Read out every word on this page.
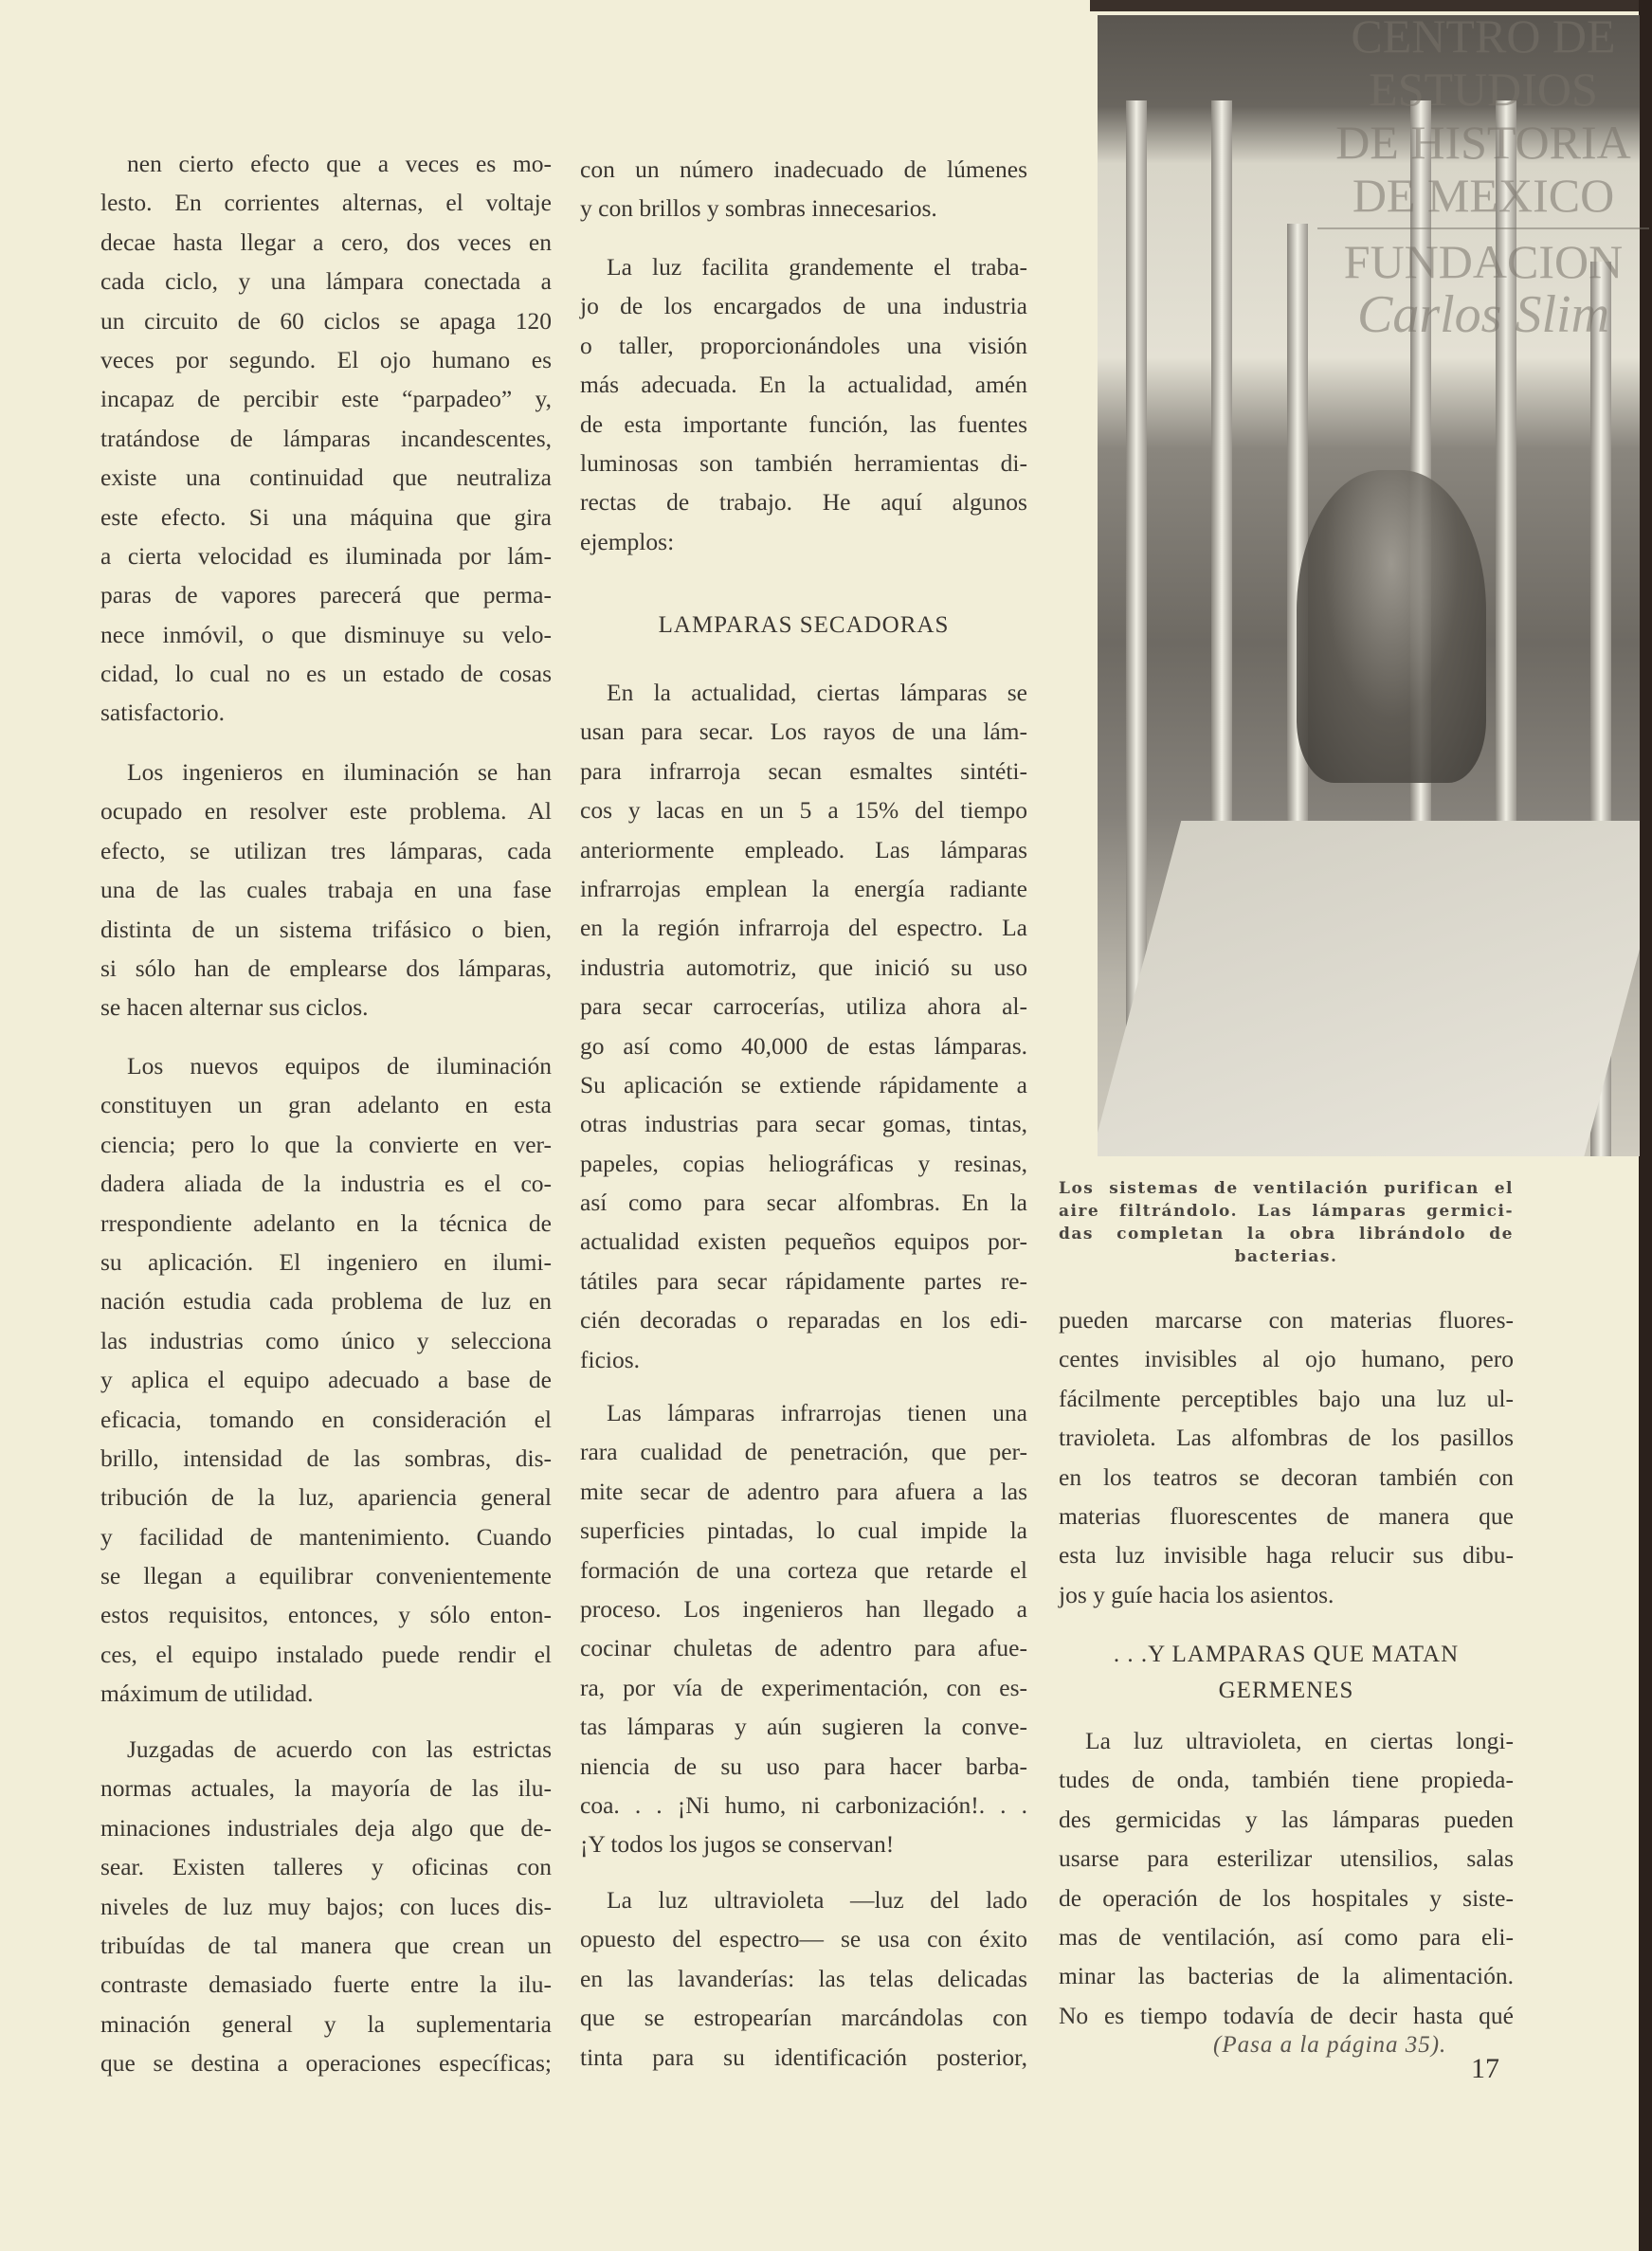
LAMPARAS SECADORAS
. . .Y LAMPARAS QUE MATAN
GERMENES
CENTRO DE
ESTUDIOS
DE HISTORIA
DE MEXICO
FUNDACION
Carlos Slim
Los sistemas de ventilación purifican el
aire filtrándolo. Las lámparas germici-
das completan la obra librándolo de
bacterias.
(Pasa a la página 35).
17
nen cierto efecto que a veces es mo-
lesto. En corrientes alternas, el voltaje
decae hasta llegar a cero, dos veces en
cada ciclo, y una lámpara conectada a
un circuito de 60 ciclos se apaga 120
veces por segundo. El ojo humano es
incapaz de percibir este “parpadeo” y,
tratándose de lámparas incandescentes,
existe una continuidad que neutraliza
este efecto. Si una máquina que gira
a cierta velocidad es iluminada por lám-
paras de vapores parecerá que perma-
nece inmóvil, o que disminuye su velo-
cidad, lo cual no es un estado de cosas
satisfactorio.
Los ingenieros en iluminación se han
ocupado en resolver este problema. Al
efecto, se utilizan tres lámparas, cada
una de las cuales trabaja en una fase
distinta de un sistema trifásico o bien,
si sólo han de emplearse dos lámparas,
se hacen alternar sus ciclos.
Los nuevos equipos de iluminación
constituyen un gran adelanto en esta
ciencia; pero lo que la convierte en ver-
dadera aliada de la industria es el co-
rrespondiente adelanto en la técnica de
su aplicación. El ingeniero en ilumi-
nación estudia cada problema de luz en
las industrias como único y selecciona
y aplica el equipo adecuado a base de
eficacia, tomando en consideración el
brillo, intensidad de las sombras, dis-
tribución de la luz, apariencia general
y facilidad de mantenimiento. Cuando
se llegan a equilibrar convenientemente
estos requisitos, entonces, y sólo enton-
ces, el equipo instalado puede rendir el
máximum de utilidad.
Juzgadas de acuerdo con las estrictas
normas actuales, la mayoría de las ilu-
minaciones industriales deja algo que de-
sear. Existen talleres y oficinas con
niveles de luz muy bajos; con luces dis-
tribuídas de tal manera que crean un
contraste demasiado fuerte entre la ilu-
minación general y la suplementaria
que se destina a operaciones específicas;
con un número inadecuado de lúmenes
y con brillos y sombras innecesarios.
La luz facilita grandemente el traba-
jo de los encargados de una industria
o taller, proporcionándoles una visión
más adecuada. En la actualidad, amén
de esta importante función, las fuentes
luminosas son también herramientas di-
rectas de trabajo. He aquí algunos
ejemplos:
En la actualidad, ciertas lámparas se
usan para secar. Los rayos de una lám-
para infrarroja secan esmaltes sintéti-
cos y lacas en un 5 a 15% del tiempo
anteriormente empleado. Las lámparas
infrarrojas emplean la energía radiante
en la región infrarroja del espectro. La
industria automotriz, que inició su uso
para secar carrocerías, utiliza ahora al-
go así como 40,000 de estas lámparas.
Su aplicación se extiende rápidamente a
otras industrias para secar gomas, tintas,
papeles, copias heliográficas y resinas,
así como para secar alfombras. En la
actualidad existen pequeños equipos por-
tátiles para secar rápidamente partes re-
cién decoradas o reparadas en los edi-
ficios.
Las lámparas infrarrojas tienen una
rara cualidad de penetración, que per-
mite secar de adentro para afuera a las
superficies pintadas, lo cual impide la
formación de una corteza que retarde el
proceso. Los ingenieros han llegado a
cocinar chuletas de adentro para afue-
ra, por vía de experimentación, con es-
tas lámparas y aún sugieren la conve-
niencia de su uso para hacer barba-
coa. . . ¡Ni humo, ni carbonización!. . .
¡Y todos los jugos se conservan!
La luz ultravioleta —luz del lado
opuesto del espectro— se usa con éxito
en las lavanderías: las telas delicadas
que se estropearían marcándolas con
tinta para su identificación posterior,
pueden marcarse con materias fluores-
centes invisibles al ojo humano, pero
fácilmente perceptibles bajo una luz ul-
travioleta. Las alfombras de los pasillos
en los teatros se decoran también con
materias fluorescentes de manera que
esta luz invisible haga relucir sus dibu-
jos y guíe hacia los asientos.
La luz ultravioleta, en ciertas longi-
tudes de onda, también tiene propieda-
des germicidas y las lámparas pueden
usarse para esterilizar utensilios, salas
de operación de los hospitales y siste-
mas de ventilación, así como para eli-
minar las bacterias de la alimentación.
No es tiempo todavía de decir hasta qué
